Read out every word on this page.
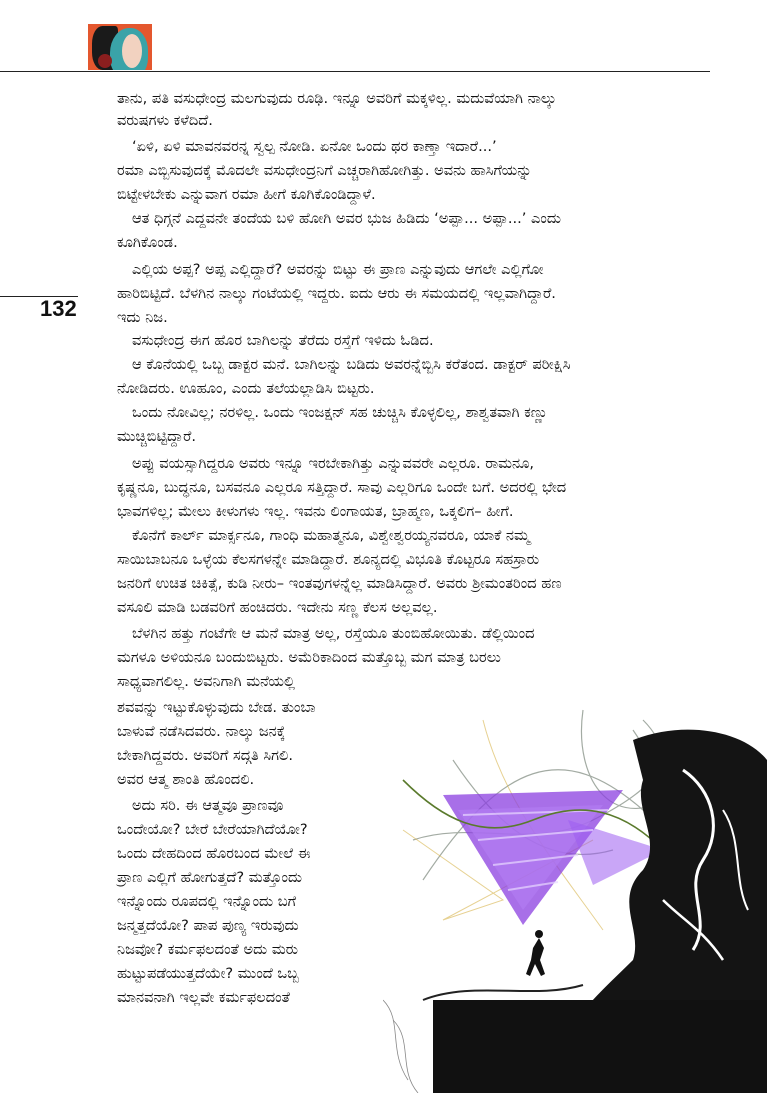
ತಾನು, ಪತಿ ವಸುಧೇಂದ್ರ ಮಲಗುವುದು ರೂಢಿ. ಇನ್ನೂ ಅವರಿಗೆ ಮಕ್ಕಳಿಲ್ಲ. ಮದುವೆಯಾಗಿ ನಾಲ್ಕು
ವರುಷಗಳು ಕಳೆದಿದೆ.
‘ಏಳಿ, ಏಳಿ ಮಾವನವರನ್ನ ಸ್ವಲ್ಪ ನೋಡಿ. ಏನೋ ಒಂದು ಥರ ಕಾಣ್ತಾ ಇದಾರೆ...’
ರಮಾ ಎಬ್ಬಿಸುವುದಕ್ಕೆ ಮೊದಲೇ ವಸುಧೇಂದ್ರನಿಗೆ ಎಚ್ಚರಾಗಿಹೋಗಿತ್ತು. ಅವನು ಹಾಸಿಗೆಯನ್ನು
ಬಿಟ್ಟೇಳಬೇಕು ಎನ್ನುವಾಗ ರಮಾ ಹೀಗೆ ಕೂಗಿಕೊಂಡಿದ್ದಾಳೆ.
ಆತ ಧಿಗ್ಗನೆ ಎದ್ದವನೇ ತಂದೆಯ ಬಳಿ ಹೋಗಿ ಅವರ ಭುಜ ಹಿಡಿದು ‘ಅಪ್ಪಾ... ಅಪ್ಪಾ...’ ಎಂದು
ಕೂಗಿಕೊಂಡ.
ಎಲ್ಲಿಯ ಅಪ್ಪ? ಅಪ್ಪ ಎಲ್ಲಿದ್ದಾರೆ? ಅವರನ್ನು ಬಿಟ್ಟು ಈ ಪ್ರಾಣ ಎನ್ನುವುದು ಆಗಲೇ ಎಲ್ಲಿಗೋ
ಹಾರಿಬಿಟ್ಟಿದೆ. ಬೆಳಗಿನ ನಾಲ್ಕು ಗಂಟೆಯಲ್ಲಿ ಇದ್ದರು. ಐದು ಆರು ಈ ಸಮಯದಲ್ಲಿ ಇಲ್ಲವಾಗಿದ್ದಾರೆ.
ಇದು ನಿಜ.
ವಸುಧೇಂದ್ರ ಈಗ ಹೊರ ಬಾಗಿಲನ್ನು ತೆರೆದು ರಸ್ತೆಗೆ ಇಳಿದು ಓಡಿದ.
ಆ ಕೊನೆಯಲ್ಲಿ ಒಬ್ಬ ಡಾಕ್ಟರ ಮನೆ. ಬಾಗಿಲನ್ನು ಬಡಿದು ಅವರನ್ನೆಬ್ಬಿಸಿ ಕರೆತಂದ. ಡಾಕ್ಟರ್ ಪರೀಕ್ಷಿಸಿ
ನೋಡಿದರು. ಊಹೂಂ, ಎಂದು ತಲೆಯಲ್ಲಾಡಿಸಿ ಬಿಟ್ಟರು.
ಒಂದು ನೋವಿಲ್ಲ; ನರಳಿಲ್ಲ. ಒಂದು ಇಂಜಕ್ಷನ್ ಸಹ ಚುಚ್ಚಿಸಿ ಕೊಳ್ಳಲಿಲ್ಲ, ಶಾಶ್ವತವಾಗಿ ಕಣ್ಣು
ಮುಚ್ಚಿಬಿಟ್ಟಿದ್ದಾರೆ.
ಅಪ್ಪು ವಯಸ್ಸಾಗಿದ್ದರೂ ಅವರು ಇನ್ನೂ ಇರಬೇಕಾಗಿತ್ತು ಎನ್ನುವವರೇ ಎಲ್ಲರೂ. ರಾಮನೂ,
ಕೃಷ್ಣನೂ, ಬುದ್ಧನೂ, ಬಸವನೂ ಎಲ್ಲರೂ ಸತ್ತಿದ್ದಾರೆ. ಸಾವು ಎಲ್ಲರಿಗೂ ಒಂದೇ ಬಗೆ. ಅದರಲ್ಲಿ ಭೇದ
ಭಾವಗಳಿಲ್ಲ; ಮೇಲು ಕೀಳುಗಳು ಇಲ್ಲ. ಇವನು ಲಿಂಗಾಯತ, ಬ್ರಾಹ್ಮಣ, ಒಕ್ಕಲಿಗ– ಹೀಗೆ.
ಕೊನೆಗೆ ಕಾರ್ಲ್ ಮಾರ್ಕ್ಸನೂ, ಗಾಂಧಿ ಮಹಾತ್ಮನೂ, ವಿಶ್ವೇಶ್ವರಯ್ಯನವರೂ, ಯಾಕೆ ನಮ್ಮ
ಸಾಯಿಬಾಬನೂ ಒಳ್ಳೆಯ ಕೆಲಸಗಳನ್ನೇ ಮಾಡಿದ್ದಾರೆ. ಶೂನ್ಯದಲ್ಲಿ ವಿಭೂತಿ ಕೊಟ್ಟರೂ ಸಹಸ್ರಾರು
ಜನರಿಗೆ ಉಚಿತ ಚಿಕಿತ್ಸೆ, ಕುಡಿ ನೀರು– ಇಂತವುಗಳನ್ನೆಲ್ಲ ಮಾಡಿಸಿದ್ದಾರೆ. ಅವರು ಶ್ರೀಮಂತರಿಂದ ಹಣ
ವಸೂಲಿ ಮಾಡಿ ಬಡವರಿಗೆ ಹಂಚಿದರು. ಇದೇನು ಸಣ್ಣ ಕೆಲಸ ಅಲ್ಲವಲ್ಲ.
ಬೆಳಗಿನ ಹತ್ತು ಗಂಟೆಗೇ ಆ ಮನೆ ಮಾತ್ರ ಅಲ್ಲ, ರಸ್ತೆಯೂ ತುಂಬಿಹೋಯಿತು. ಡೆಲ್ಲಿಯಿಂದ
ಮಗಳೂ ಅಳಿಯನೂ ಬಂದುಬಿಟ್ಟರು. ಅಮೆರಿಕಾದಿಂದ ಮತ್ತೊಬ್ಬ ಮಗ ಮಾತ್ರ ಬರಲು
ಸಾಧ್ಯವಾಗಲಿಲ್ಲ. ಅವನಿಗಾಗಿ ಮನೆಯಲ್ಲಿ
ಶವವನ್ನು ಇಟ್ಟುಕೊಳ್ಳುವುದು ಬೇಡ. ತುಂಬಾ
ಬಾಳುವೆ ನಡೆಸಿದವರು. ನಾಲ್ಕು ಜನಕ್ಕೆ
ಬೇಕಾಗಿದ್ದವರು. ಅವರಿಗೆ ಸದ್ಗತಿ ಸಿಗಲಿ.
ಅವರ ಆತ್ಮ ಶಾಂತಿ ಹೊಂದಲಿ.
ಅದು ಸರಿ. ಈ ಆತ್ಮವೂ ಪ್ರಾಣವೂ
ಒಂದೇಯೋ? ಬೇರೆ ಬೇರೆಯಾಗಿದೆಯೋ?
ಒಂದು ದೇಹದಿಂದ ಹೊರಬಂದ ಮೇಲೆ ಈ
ಪ್ರಾಣ ಎಲ್ಲಿಗೆ ಹೋಗುತ್ತದೆ? ಮತ್ತೊಂದು
ಇನ್ನೊಂದು ರೂಪದಲ್ಲಿ ಇನ್ನೊಂದು ಬಗೆ
ಜನ್ಮತ್ತದೆಯೋ? ಪಾಪ ಪುಣ್ಯ ಇರುವುದು
ನಿಜವೋ? ಕರ್ಮಫಲದಂತೆ ಅದು ಮರು
ಹುಟ್ಟುಪಡೆಯುತ್ತದೆಯೇ? ಮುಂದೆ ಒಬ್ಬ
ಮಾನವನಾಗಿ ಇಲ್ಲವೇ ಕರ್ಮಫಲದಂತೆ
132
